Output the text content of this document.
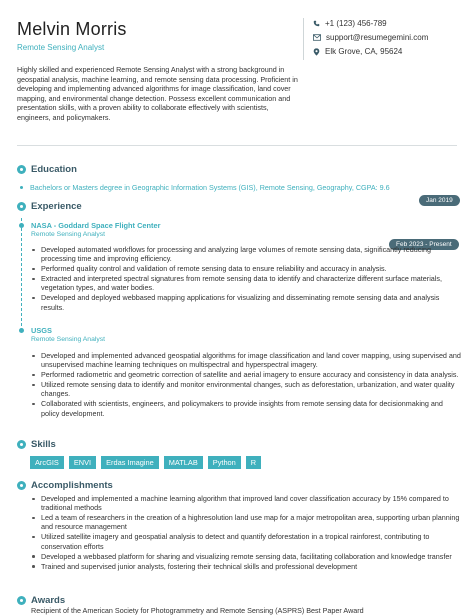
Melvin Morris
Remote Sensing Analyst
+1 (123) 456-789
support@resumegemini.com
Elk Grove, CA, 95624

Highly skilled and experienced Remote Sensing Analyst with a strong background in geospatial analysis, machine learning, and remote sensing data processing. Proficient in developing and implementing advanced algorithms for image classification, land cover mapping, and environmental change detection. Possess excellent communication and presentation skills, with a proven ability to collaborate effectively with scientists, engineers, and policymakers.

Education
Bachelors or Masters degree in Geographic Information Systems (GIS), Remote Sensing, Geography, CGPA: 9.6
Jan 2019
Experience
NASA - Goddard Space Flight Center
Remote Sensing Analyst
Feb 2023 - Present
Developed automated workflows for processing and analyzing large volumes of remote sensing data, significantly reducing processing time and improving efficiency.
Performed quality control and validation of remote sensing data to ensure reliability and accuracy in analysis.
Extracted and interpreted spectral signatures from remote sensing data to identify and characterize different surface materials, vegetation types, and water bodies.
Developed and deployed webbased mapping applications for visualizing and disseminating remote sensing data and analysis results.
USGS
Remote Sensing Analyst
Developed and implemented advanced geospatial algorithms for image classification and land cover mapping, using supervised and unsupervised machine learning techniques on multispectral and hyperspectral imagery.
Performed radiometric and geometric correction of satellite and aerial imagery to ensure accuracy and consistency in data analysis.
Utilized remote sensing data to identify and monitor environmental changes, such as deforestation, urbanization, and water quality changes.
Collaborated with scientists, engineers, and policymakers to provide insights from remote sensing data for decisionmaking and policy development.
Skills
ArcGIS	ENVI	Erdas Imagine	MATLAB	Python	R
Accomplishments
Developed and implemented a machine learning algorithm that improved land cover classification accuracy by 15% compared to traditional methods
Led a team of researchers in the creation of a highresolution land use map for a major metropolitan area, supporting urban planning and resource management
Utilized satellite imagery and geospatial analysis to detect and quantify deforestation in a tropical rainforest, contributing to conservation efforts
Developed a webbased platform for sharing and visualizing remote sensing data, facilitating collaboration and knowledge transfer
Trained and supervised junior analysts, fostering their technical skills and professional development
Awards
Recipient of the American Society for Photogrammetry and Remote Sensing (ASPRS) Best Paper Award
